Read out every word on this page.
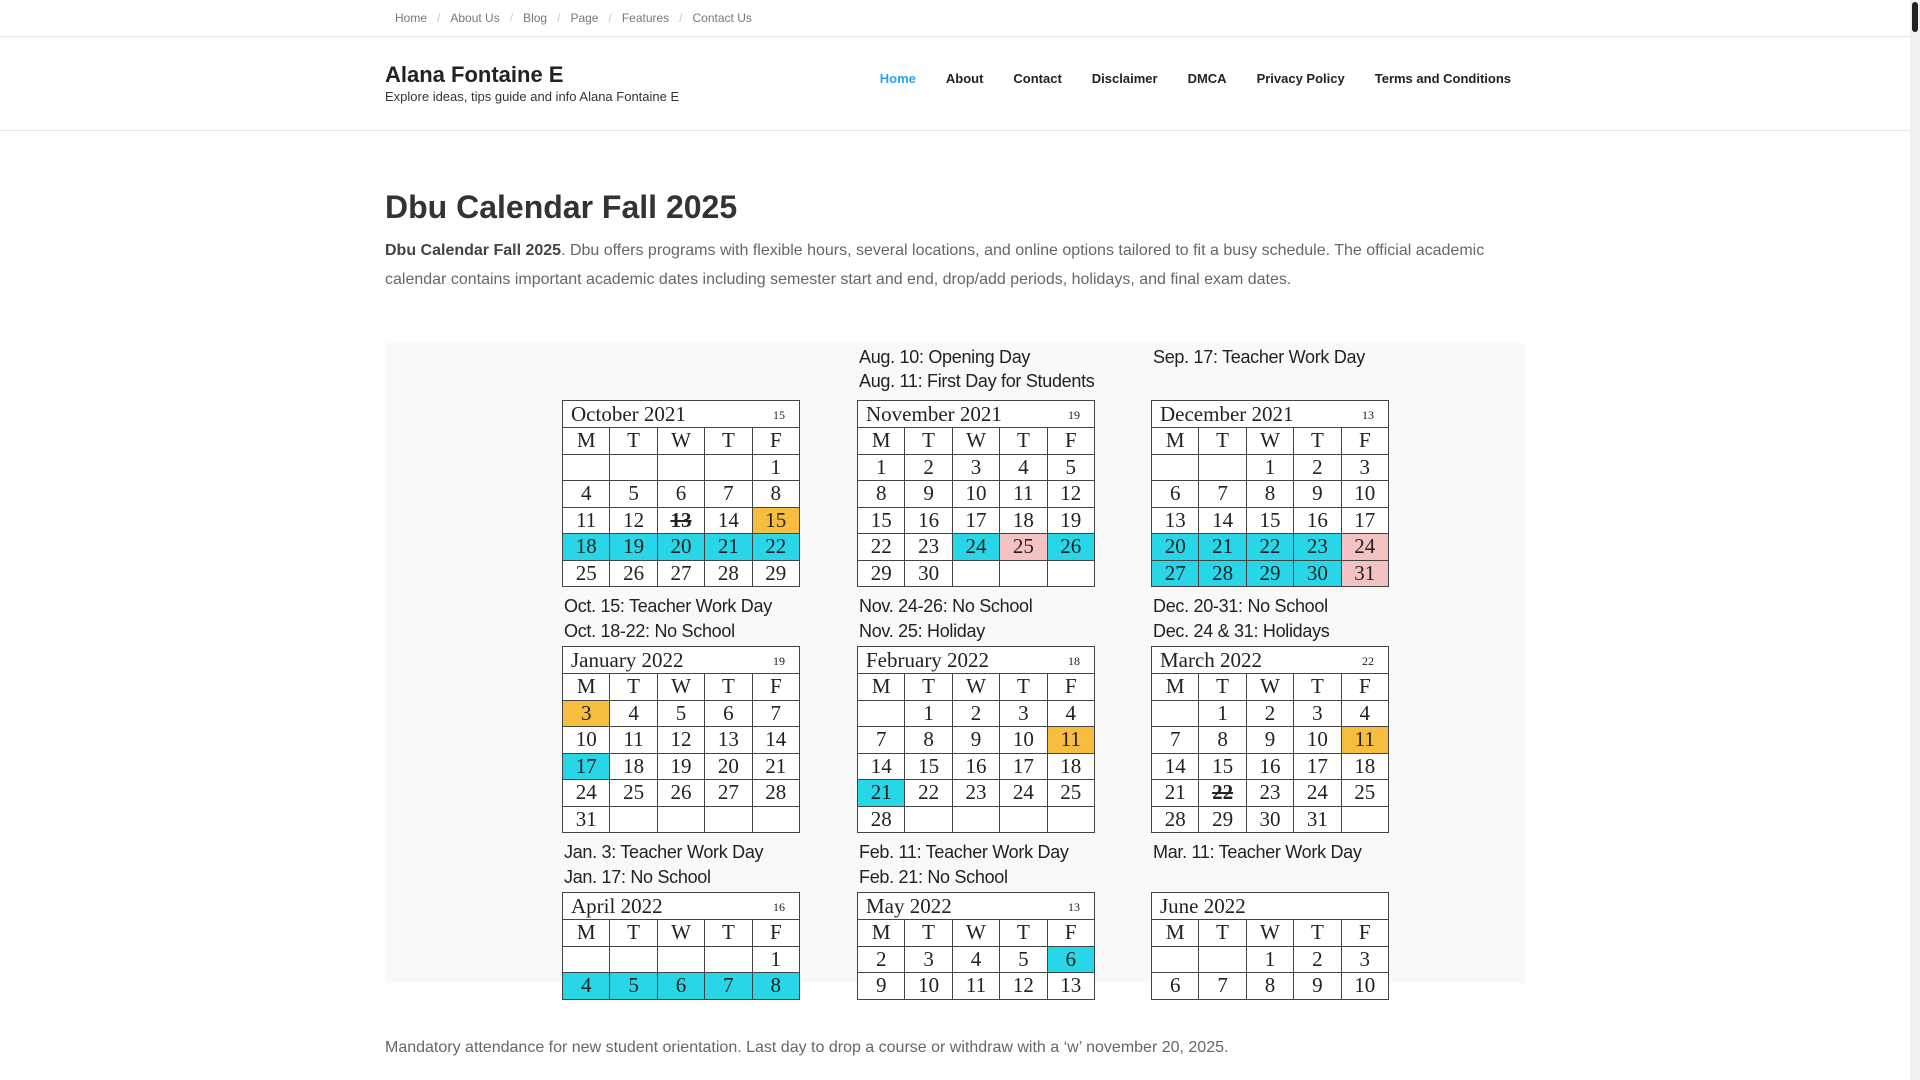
Home / About Us / Blog / Page / Features / Contact Us
Alana Fontaine E
Explore ideas, tips guide and info Alana Fontaine E
Home About Contact Disclaimer DMCA Privacy Policy Terms and Conditions
Dbu Calendar Fall 2025

Dbu Calendar Fall 2025. Dbu offers programs with flexible hours, several locations, and online options tailored to fit a busy schedule. The official academic calendar contains important academic dates including semester start and end, drop/add periods, holidays, and final exam dates.

Aug. 10: Opening Day
Aug. 11: First Day for Students
Sep. 17: Teacher Work Day
October 2021 15				

M	T	W	T	F
				1
4	5	6	7	8
11	12	13	14	15
18	19	20	21	22
25	26	27	28	29
Oct. 15: Teacher Work Day
Oct. 18-22: No School
November 2021 19				

M	T	W	T	F
1	2	3	4	5
8	9	10	11	12
15	16	17	18	19
22	23	24	25	26
29	30			
Nov. 24-26: No School
Nov. 25: Holiday
December 2021 13				

M	T	W	T	F
		1	2	3
6	7	8	9	10
13	14	15	16	17
20	21	22	23	24
27	28	29	30	31
Dec. 20-31: No School
Dec. 24 & 31: Holidays
January 2022 19				

M	T	W	T	F
3	4	5	6	7
10	11	12	13	14
17	18	19	20	21
24	25	26	27	28
31				
Jan. 3: Teacher Work Day
Jan. 17: No School
February 2022 18				

M	T	W	T	F
	1	2	3	4
7	8	9	10	11
14	15	16	17	18
21	22	23	24	25
28				
Feb. 11: Teacher Work Day
Feb. 21: No School
March 2022 22				

M	T	W	T	F
	1	2	3	4
7	8	9	10	11
14	15	16	17	18
21	22	23	24	25
28	29	30	31	
Mar. 11: Teacher Work Day
April 2022 16				

M	T	W	T	F
				1
4	5	6	7	8
May 2022 13				

M	T	W	T	F
2	3	4	5	6
9	10	11	12	13
June 2022				

M	T	W	T	F
		1	2	3
6	7	8	9	10

Mandatory attendance for new student orientation. Last day to drop a course or withdraw with a ‘w’ november 20, 2025.
